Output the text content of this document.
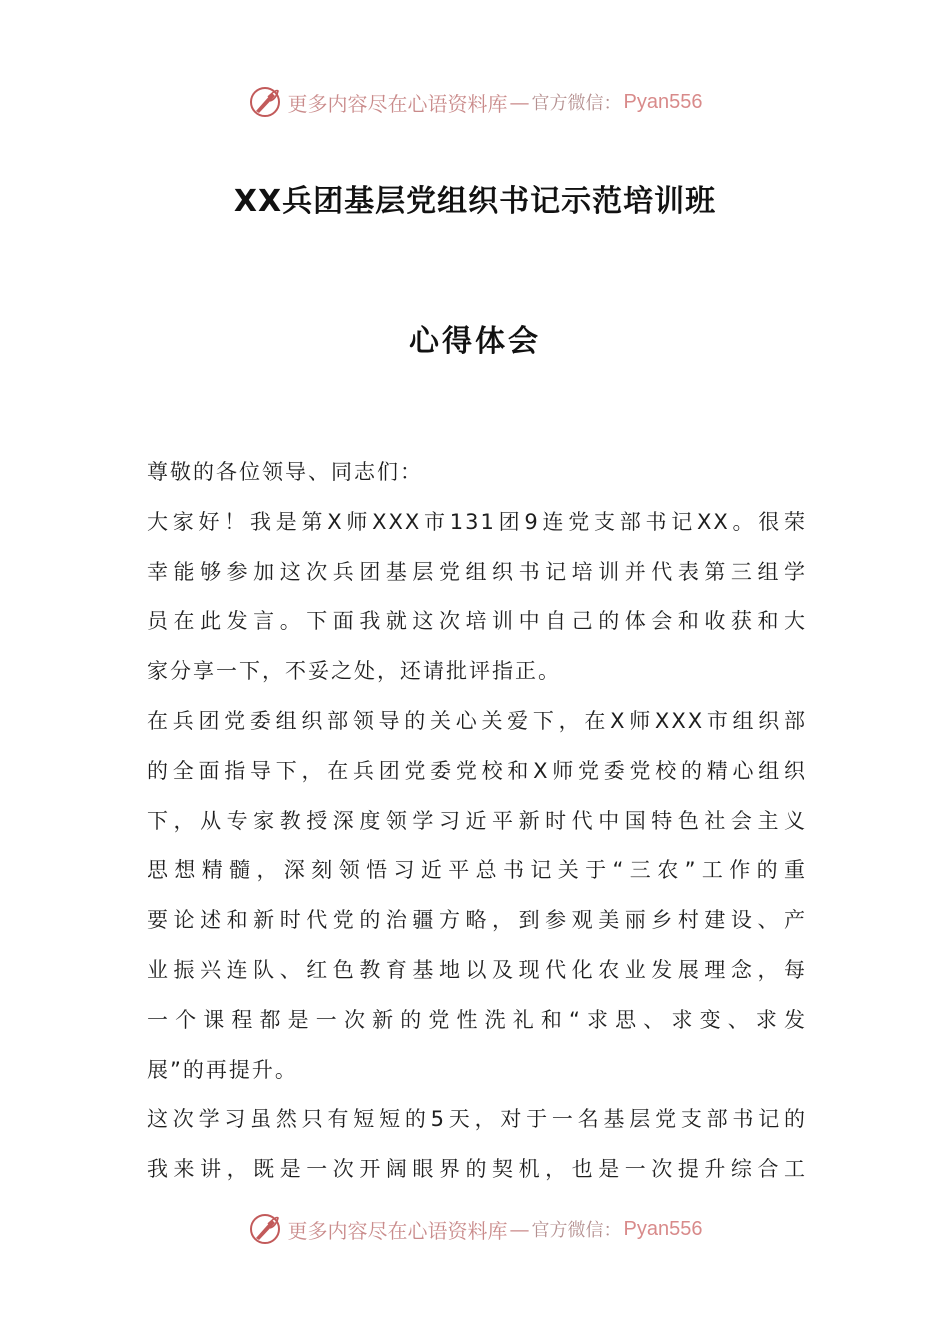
更多内容尽在心语资料库 — 官方微信： Pyan556
XX兵团基层党组织书记示范培训班
心得体会

尊敬的各位领导、同志们：

大家好！我是第X师XXX市131团9连党支部书记XX。很荣
幸能够参加这次兵团基层党组织书记培训并代表第三组学
员在此发言。下面我就这次培训中自己的体会和收获和大
家分享一下，不妥之处，还请批评指正。

在兵团党委组织部领导的关心关爱下，在X师XXX市组织部
的全面指导下，在兵团党委党校和X师党委党校的精心组织
下，从专家教授深度领学习近平新时代中国特色社会主义
思想精髓，深刻领悟习近平总书记关于“三农”工作的重
要论述和新时代党的治疆方略，到参观美丽乡村建设、产
业振兴连队、红色教育基地以及现代化农业发展理念，每
一个课程都是一次新的党性洗礼和“求思、求变、求发
展”的再提升。

这次学习虽然只有短短的5天，对于一名基层党支部书记的
我来讲，既是一次开阔眼界的契机，也是一次提升综合工

更多内容尽在心语资料库 — 官方微信： Pyan556
